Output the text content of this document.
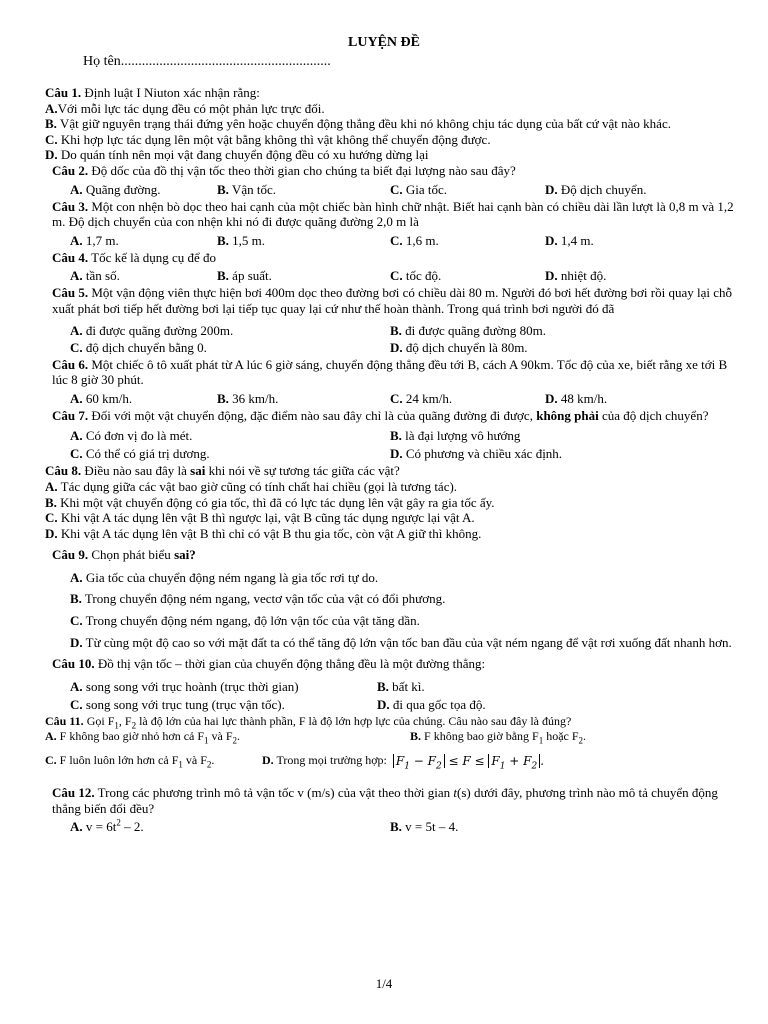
LUYỆN ĐỀ
Họ tên............................................................
Câu 1. Định luật I Niuton xác nhận rằng:
A.Với mỗi lực tác dụng đều có một phản lực trực đối.
B. Vật giữ nguyên trạng thái đứng yên hoặc chuyển động thẳng đều khi nó không chịu tác dụng của bất cứ vật nào khác.
C. Khi hợp lực tác dụng lên một vật bằng không thì vật không thể chuyển động được.
D. Do quán tính nên mọi vật đang chuyển động đều có xu hướng dừng lại
Câu 2. Độ dốc của đồ thị vận tốc theo thời gian cho chúng ta biết đại lượng nào sau đây?
A. Quãng đường.	B. Vận tốc.	C. Gia tốc.	D. Độ dịch chuyển.
Câu 3. Một con nhện bò dọc theo hai cạnh của một chiếc bàn hình chữ nhật. Biết hai cạnh bàn có chiều dài lần lượt là 0,8 m và 1,2 m. Độ dịch chuyển của con nhện khi nó đi được quãng đường 2,0 m là
A. 1,7 m.	B. 1,5 m.	C. 1,6 m.	D. 1,4 m.
Câu 4. Tốc kế là dụng cụ để đo
A. tần số.	B. áp suất.	C. tốc độ.	D. nhiệt độ.
Câu 5. Một vận động viên thực hiện bơi 400m dọc theo đường bơi có chiều dài 80 m. Người đó bơi hết đường bơi rồi quay lại chỗ xuất phát bơi tiếp hết đường bơi lại tiếp tục quay lại cứ như thế hoàn thành. Trong quá trình bơi người đó đã
A. đi được quãng đường 200m.	B. đi được quãng đường 80m.
C. độ dịch chuyển bằng 0.	D. độ dịch chuyển là 80m.
Câu 6. Một chiếc ô tô xuất phát từ A lúc 6 giờ sáng, chuyển động thẳng đều tới B, cách A 90km. Tốc độ của xe, biết rằng xe tới B lúc 8 giờ 30 phút.
A. 60 km/h.	B. 36 km/h.	C. 24 km/h.	D. 48 km/h.
Câu 7. Đối với một vật chuyển động, đặc điểm nào sau đây chỉ là của quãng đường đi được, không phải của độ dịch chuyển?
A. Có đơn vị đo là mét.	B. là đại lượng vô hướng
C. Có thể có giá trị dương.	D. Có phương và chiều xác định.
Câu 8. Điều nào sau đây là sai khi nói về sự tương tác giữa các vật?
A. Tác dụng giữa các vật bao giờ cũng có tính chất hai chiều (gọi là tương tác).
B. Khi một vật chuyển động có gia tốc, thì đã có lực tác dụng lên vật gây ra gia tốc ấy.
C. Khi vật A tác dụng lên vật B thì ngược lại, vật B cũng tác dụng ngược lại vật A.
D. Khi vật A tác dụng lên vật B thì chỉ có vật B thu gia tốc, còn vật A giữ thì không.
Câu 9. Chọn phát biểu sai?
A. Gia tốc của chuyển động ném ngang là gia tốc rơi tự do.
B. Trong chuyển động ném ngang, vectơ vận tốc của vật có đổi phương.
C. Trong chuyển động ném ngang, độ lớn vận tốc của vật tăng dần.
D. Từ cùng một độ cao so với mặt đất ta có thể tăng độ lớn vận tốc ban đầu của vật ném ngang để vật rơi xuống đất nhanh hơn.
Câu 10. Đồ thị vận tốc – thời gian của chuyển động thẳng đều là một đường thẳng:
A. song song với trục hoành (trục thời gian)	B. bất kì.
C. song song với trục tung (trục vận tốc).	D. đi qua gốc tọa độ.
Câu 11. Gọi $F_1$, $F_2$ là độ lớn của hai lực thành phần, F là độ lớn hợp lực của chúng. Câu nào sau đây là đúng?
A. F không bao giờ nhỏ hơn cả $F_1$ và $F_2$.	B. F không bao giờ bằng $F_1$ hoặc $F_2$.
C. F luôn luôn lớn hơn cả $F_1$ và $F_2$.	D. Trong mọi trường hợp: $F_1 - F_2 \le F \le F_1 + F_2$ .
Câu 12. Trong các phương trình mô tả vận tốc v (m/s) của vật theo thời gian t(s) dưới đây, phương trình nào mô tả chuyển động thẳng biến đổi đều?
A. $v = 6t^2 - 2$.	B. v = 5t – 4.
1/4
